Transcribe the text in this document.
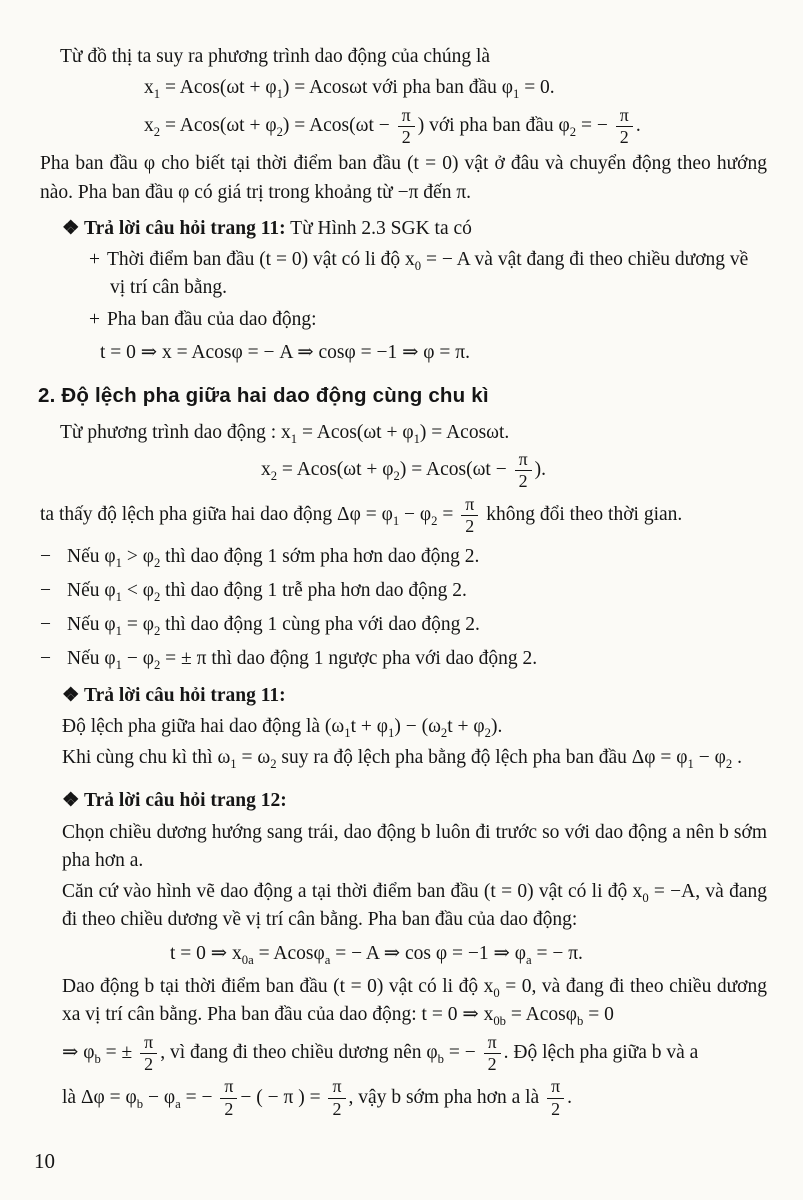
Từ đồ thị ta suy ra phương trình dao động của chúng là
$x_1 = Acos(\omega t + \varphi_1) = Acos\omega t$ với pha ban đầu $\varphi_1 = 0$.
$x_2 = Acos(\omega t + \varphi_2) = Acos(\omega t - \frac{\pi}{2}$ ) với pha ban đầu $\varphi_2$ = − $\frac{\pi}{2}$ .
Pha ban đầu φ cho biết tại thời điểm ban đầu (t = 0) vật ở đâu và chuyển động theo hướng nào. Pha ban đầu φ có giá trị trong khoảng từ −π đến π.
❖ Trả lời câu hỏi trang 11: Từ Hình 2.3 SGK ta có
+ Thời điểm ban đầu (t = 0) vật có li độ $x_0$ = − A và vật đang đi theo chiều dương về vị trí cân bằng.
+ Pha ban đầu của dao động:
t = 0 ⇒ x = Acosφ = − A ⇒ cosφ = −1 ⇒ φ = π.
2. Độ lệch pha giữa hai dao động cùng chu kì
Từ phương trình dao động : $x_1 = Acos(\omega t + \varphi_1) = Acos\omega t$.
$x_2 = Acos(\omega t + \varphi_2) = Acos(\omega t - \frac{\pi}{2}$ ).
ta thấy độ lệch pha giữa hai dao động $\Delta\varphi = \varphi_1 - \varphi_2 = \frac{\pi}{2}$ không đổi theo thời gian.
− Nếu $\varphi_1 > \varphi_2$ thì dao động 1 sớm pha hơn dao động 2.
− Nếu $\varphi_1 < \varphi_2$ thì dao động 1 trễ pha hơn dao động 2.
− Nếu $\varphi_1 = \varphi_2$ thì dao động 1 cùng pha với dao động 2.
− Nếu $\varphi_1 - \varphi_2$ = ± π thì dao động 1 ngược pha với dao động 2.
❖ Trả lời câu hỏi trang 11:
Độ lệch pha giữa hai dao động là $(\omega_1t + \varphi_1) - (\omega_2t + \varphi_2)$.
Khi cùng chu kì thì $\omega_1 = \omega_2$ suy ra độ lệch pha bằng độ lệch pha ban đầu $\Delta\varphi = \varphi_1 - \varphi_2$ .
❖ Trả lời câu hỏi trang 12:
Chọn chiều dương hướng sang trái, dao động b luôn đi trước so với dao động a nên b sớm pha hơn a.
Căn cứ vào hình vẽ dao động a tại thời điểm ban đầu (t = 0) vật có li độ $x_0 = -A$, và đang đi theo chiều dương về vị trí cân bằng. Pha ban đầu của dao động:
t = 0 ⇒ $x_{0a} = Acos\varphi_a$ = − A ⇒ cos φ = −1 ⇒ $\varphi_a$ = − π.
Dao động b tại thời điểm ban đầu (t = 0) vật có li độ $x_0 = 0$, và đang đi theo chiều dương xa vị trí cân bằng. Pha ban đầu của dao động: t = 0 ⇒ $x_{0b} = Acos\varphi_b = 0$
⇒ $\varphi_b$ = ± $\frac{\pi}{2}$ , vì đang đi theo chiều dương nên $\varphi_b$ = − $\frac{\pi}{2}$ . Độ lệch pha giữa b và a
là $\Delta\varphi = \varphi_b - \varphi_a$ = − $\frac{\pi}{2}$ − ( − π ) = $\frac{\pi}{2}$ , vậy b sớm pha hơn a là $\frac{\pi}{2}$ .
10
